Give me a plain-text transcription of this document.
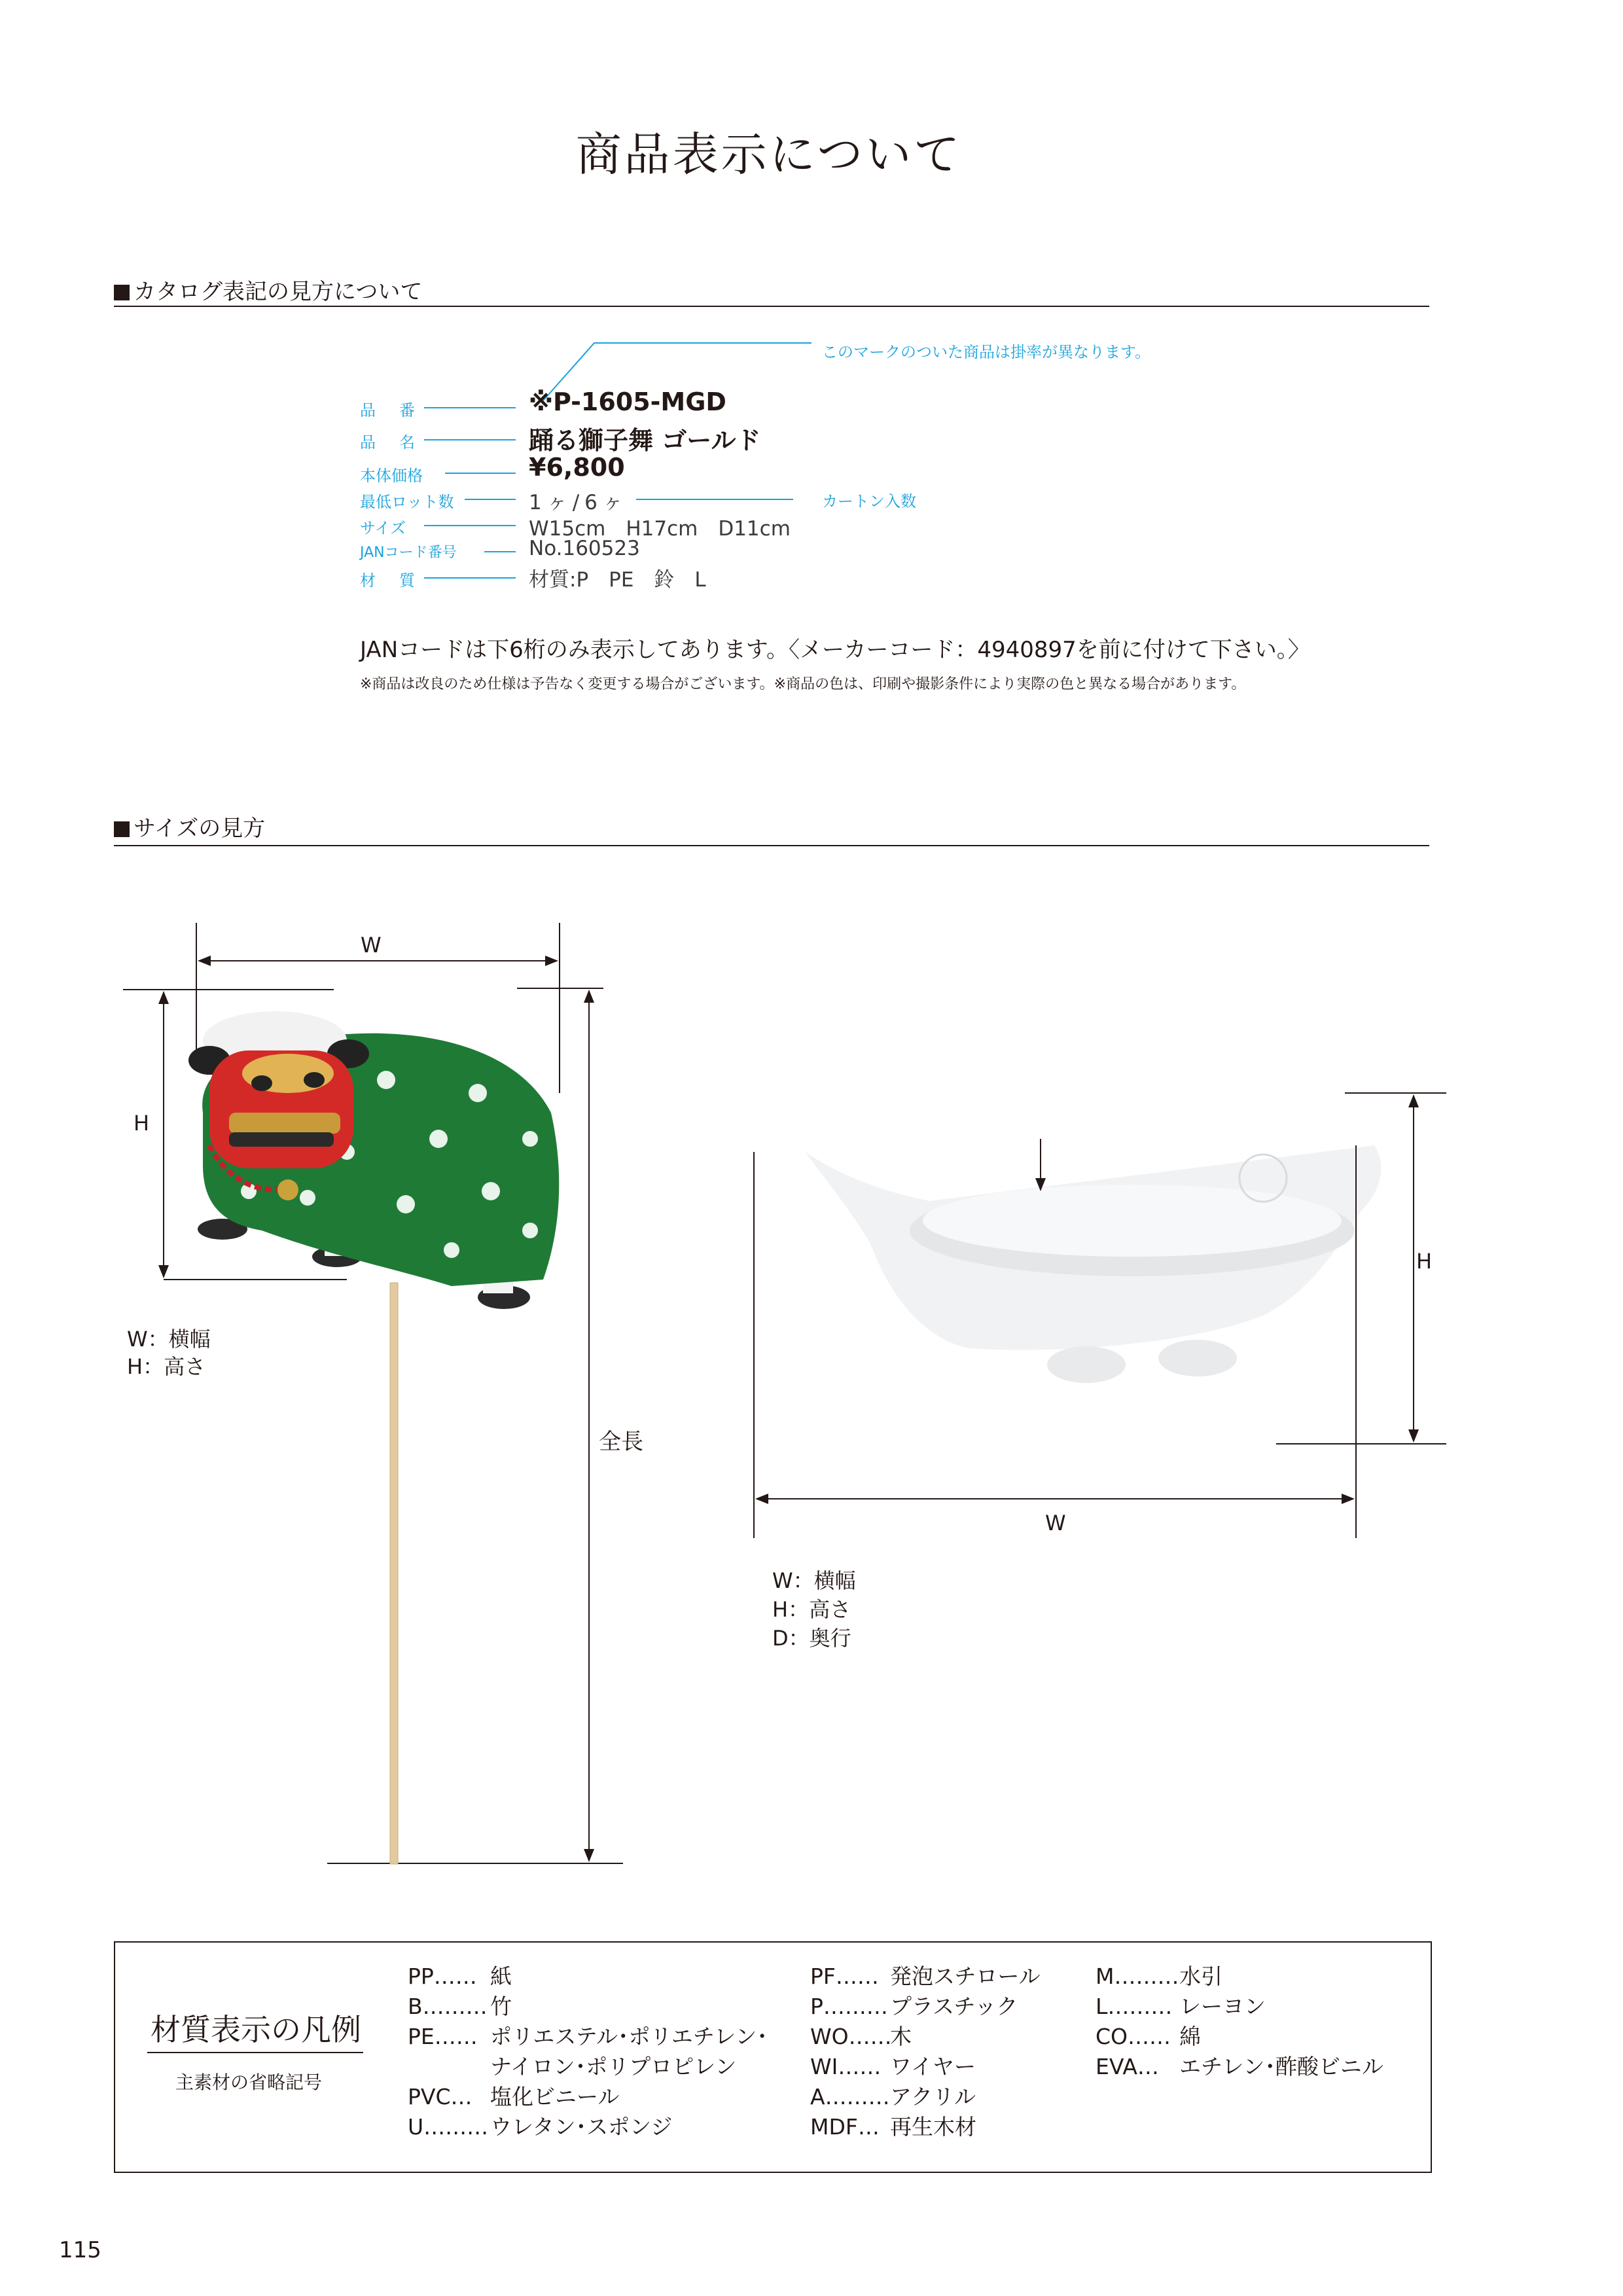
商品表示について
カタログ表記の見方について
このマークのついた商品は掛率が異なります。
品　番	※P-1605-MGD
品　名	踊る獅子舞 ゴールド
本体価格	¥6,800
最低ロット数	1ヶ/6ヶ	カートン入数
サイズ	W15cm　H17cm　D11cm
JANコード番号	No.160523
材　質	材質:P　PE　鈴　L
JANコードは下6桁のみ表示してあります。〈メーカーコード：4940897を前に付けて下さい。〉
※商品は改良のため仕様は予告なく変更する場合がございます。※商品の色は、印刷や撮影条件により実際の色と異なる場合があります。
サイズの見方
W
H
全長
W：横幅
H：高さ
H
W
W：横幅
H：高さ
D：奥行
材質表示の凡例
主素材の省略記号
PP…… 紙
B……… 竹
PE…… ポリエステル･ポリエチレン･
ナイロン･ポリプロピレン
PVC… 塩化ビニール
U………ウレタン･スポンジ
PF…… 発泡スチロール
P………プラスチック
WO……木
WI…… ワイヤー
A………アクリル
MDF… 再生木材
M………水引
L……… レーヨン
CO…… 綿
EVA… エチレン･酢酸ビニル
115
